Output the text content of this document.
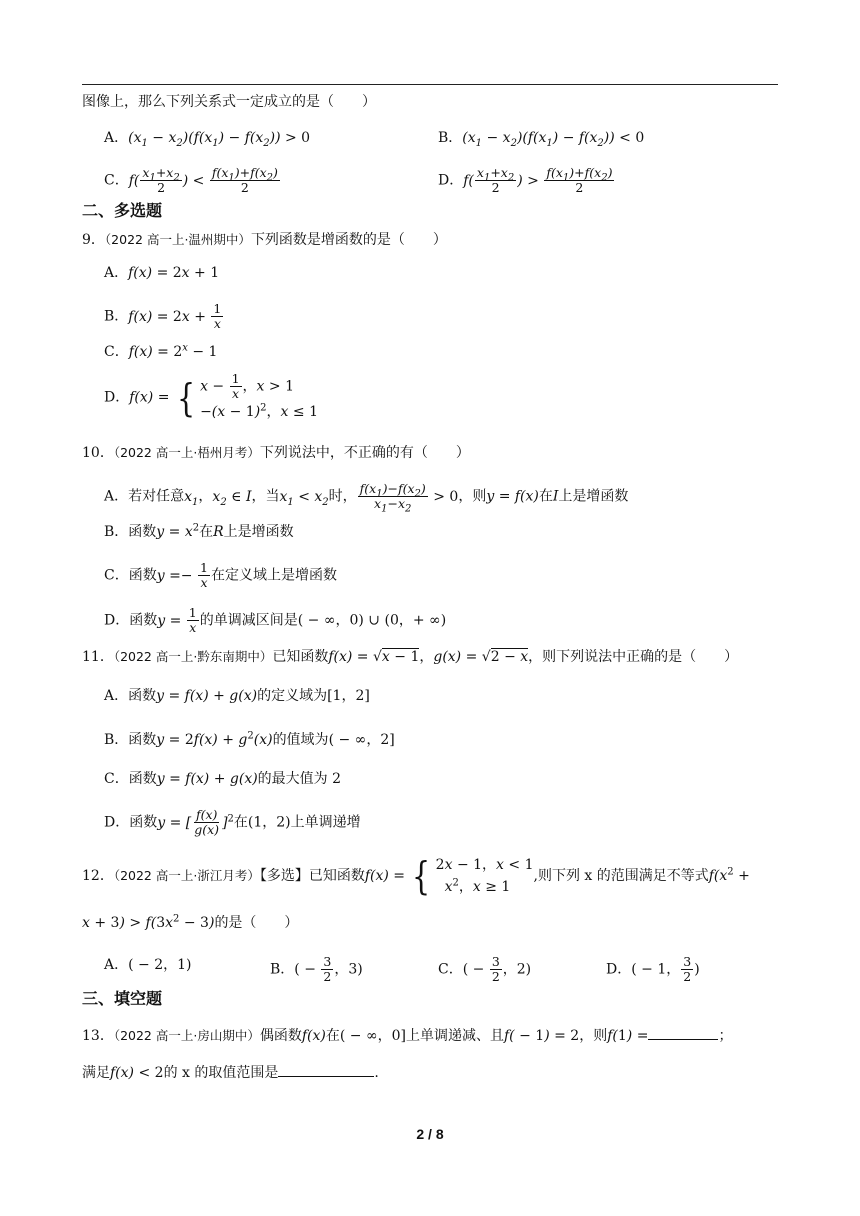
图像上，那么下列关系式一定成立的是（　　）
A．$(x_1 - x_2)(f(x_1) - f(x_2)) > 0$	B．$(x_1 - x_2)(f(x_1) - f(x_2)) < 0$
C．$f( \frac{x_1+x_2}{2}$ ) < $\frac{f(x_1)+f(x_2)}{2}$	D．$f( \frac{x_1+x_2}{2}$ ) > $\frac{f(x_1)+f(x_2)}{2}$
二、多选题
9．（2022 高一上·温州期中）下列函数是增函数的是（　　）
A．f(x) = 2x + 1
B．$f(x) = 2x + \frac{1}{x}$
C．$f(x) = 2^x - 1$
D．f(x) = { $x - \frac{1}{x}$ ，x > 1
$-(x - 1)^2$，x ≤ 1
10．（2022 高一上·梧州月考）下列说法中，不正确的有（　　）
A．若对任意$x_1$，$x_2$ ∈ I，当$x_1 < x_2$时， $\frac{f(x_1)-f(x_2)}{x_1-x_2} > 0$，则y = f(x)在I上是增函数
B．函数$y = x^2$在R上是增函数
C．函数$y =- \frac{1}{x}$ 在定义域上是增函数
D．函数$y = \frac{1}{x}$ 的单调减区间是( − ∞，0) ∪ (0，+ ∞)
11．（2022 高一上·黔东南期中）已知函数f(x) = √x − 1，g(x) = √2 − x，则下列说法中正确的是（　　）
A．函数y = f(x) + g(x)的定义域为[1，2]
B．函数$y = 2f(x) + g^2(x)$的值域为( − ∞，2]
C．函数y = f(x) + g(x)的最大值为 2
D．函数y = [ $\frac{f(x)}{g(x)} ]^2$在(1，2)上单调递增
12．（2022 高一上·浙江月考）【多选】已知函数f(x) = { 2x − 1，x < 1
$x^2$，x ≥ 1
,则下列 x 的范围满足不等式$f(x^2$ +
$x + 3) > f(3x^2 - 3)$的是（　　）
A．( − 2，1)	B．( − $\frac{3}{2}$ ，3)	C．( − $\frac{3}{2}$ ，2)	D．( − 1， $\frac{3}{2}$ )
三、填空题
13．（2022 高一上·房山期中）偶函数f(x)在( − ∞，0]上单调递减、且f( − 1) = 2，则f(1) =	；
满足f(x) < 2的 x 的取值范围是	.
2 / 8
